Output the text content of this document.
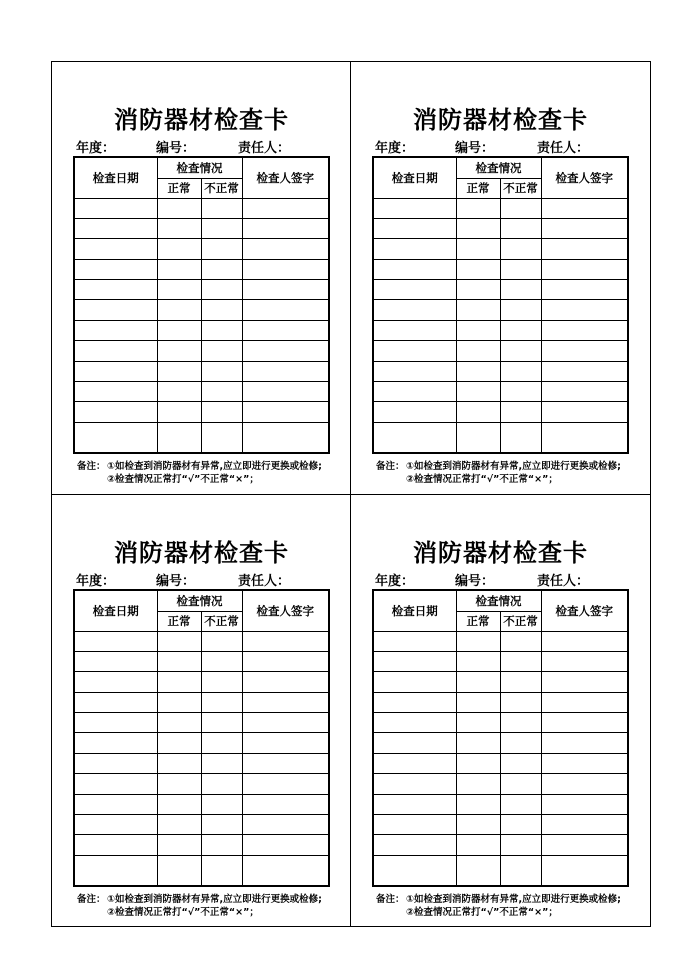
消防器材检查卡
年度：	编号：	责任人：
检查日期	检查情况		检查人签字
	正常	不正常	

备注：①如检查到消防器材有异常,应立即进行更换或检修;
②检查情况正常打“√”不正常“×”；
消防器材检查卡
年度：	编号：	责任人：
检查日期	检查情况		检查人签字
	正常	不正常	

备注：①如检查到消防器材有异常,应立即进行更换或检修;
②检查情况正常打“√”不正常“×”；
消防器材检查卡
年度：	编号：	责任人：
检查日期	检查情况		检查人签字
	正常	不正常	

备注：①如检查到消防器材有异常,应立即进行更换或检修;
②检查情况正常打“√”不正常“×”；
消防器材检查卡
年度：	编号：	责任人：
检查日期	检查情况		检查人签字
	正常	不正常	

备注：①如检查到消防器材有异常,应立即进行更换或检修;
②检查情况正常打“√”不正常“×”；
